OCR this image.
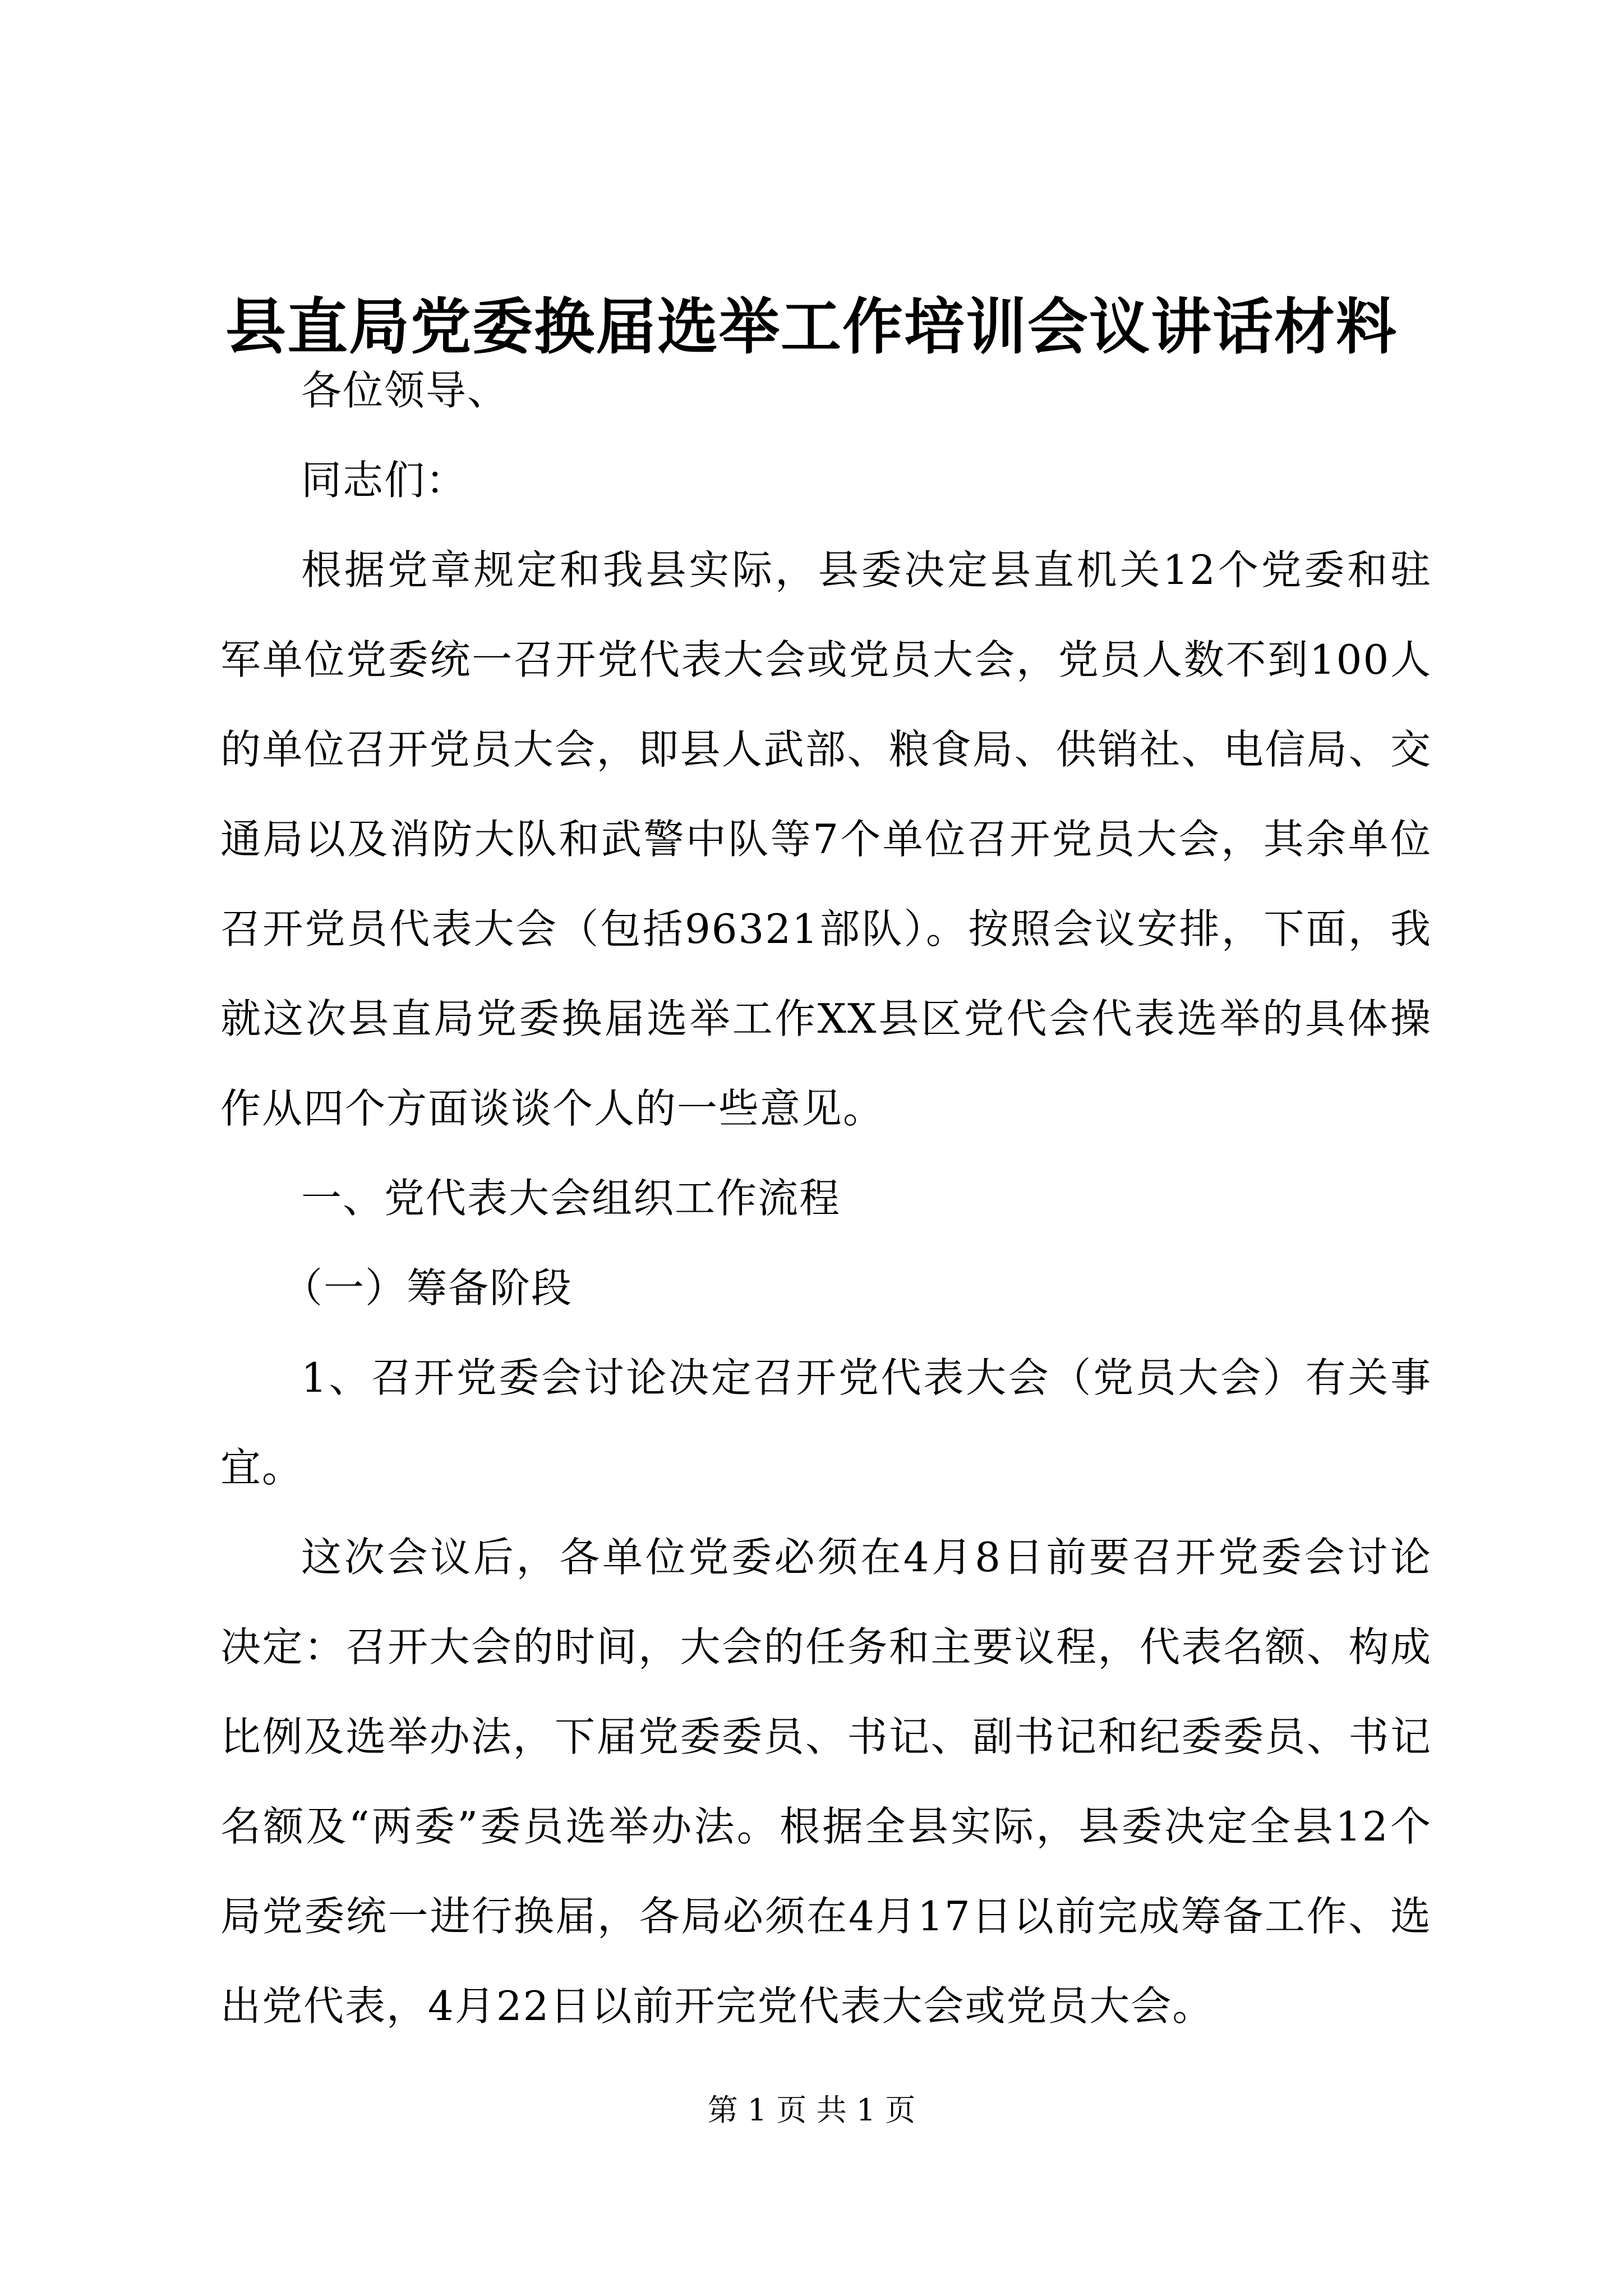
县直局党委换届选举工作培训会议讲话材料

各位领导、

同志们：

根据党章规定和我县实际，县委决定县直机关12个党委和驻军单位党委统一召开党代表大会或党员大会，党员人数不到100人的单位召开党员大会，即县人武部、粮食局、供销社、电信局、交通局以及消防大队和武警中队等7个单位召开党员大会，其余单位召开党员代表大会（包括96321部队）。按照会议安排，下面，我就这次县直局党委换届选举工作XX县区党代会代表选举的具体操作从四个方面谈谈个人的一些意见。

一、党代表大会组织工作流程

（一）筹备阶段

1、召开党委会讨论决定召开党代表大会（党员大会）有关事宜。

这次会议后，各单位党委必须在4月8日前要召开党委会讨论决定：召开大会的时间，大会的任务和主要议程，代表名额、构成比例及选举办法，下届党委委员、书记、副书记和纪委委员、书记名额及“两委”委员选举办法。根据全县实际，县委决定全县12个局党委统一进行换届，各局必须在4月17日以前完成筹备工作、选出党代表，4月22日以前开完党代表大会或党员大会。

第 1 页 共 1 页
